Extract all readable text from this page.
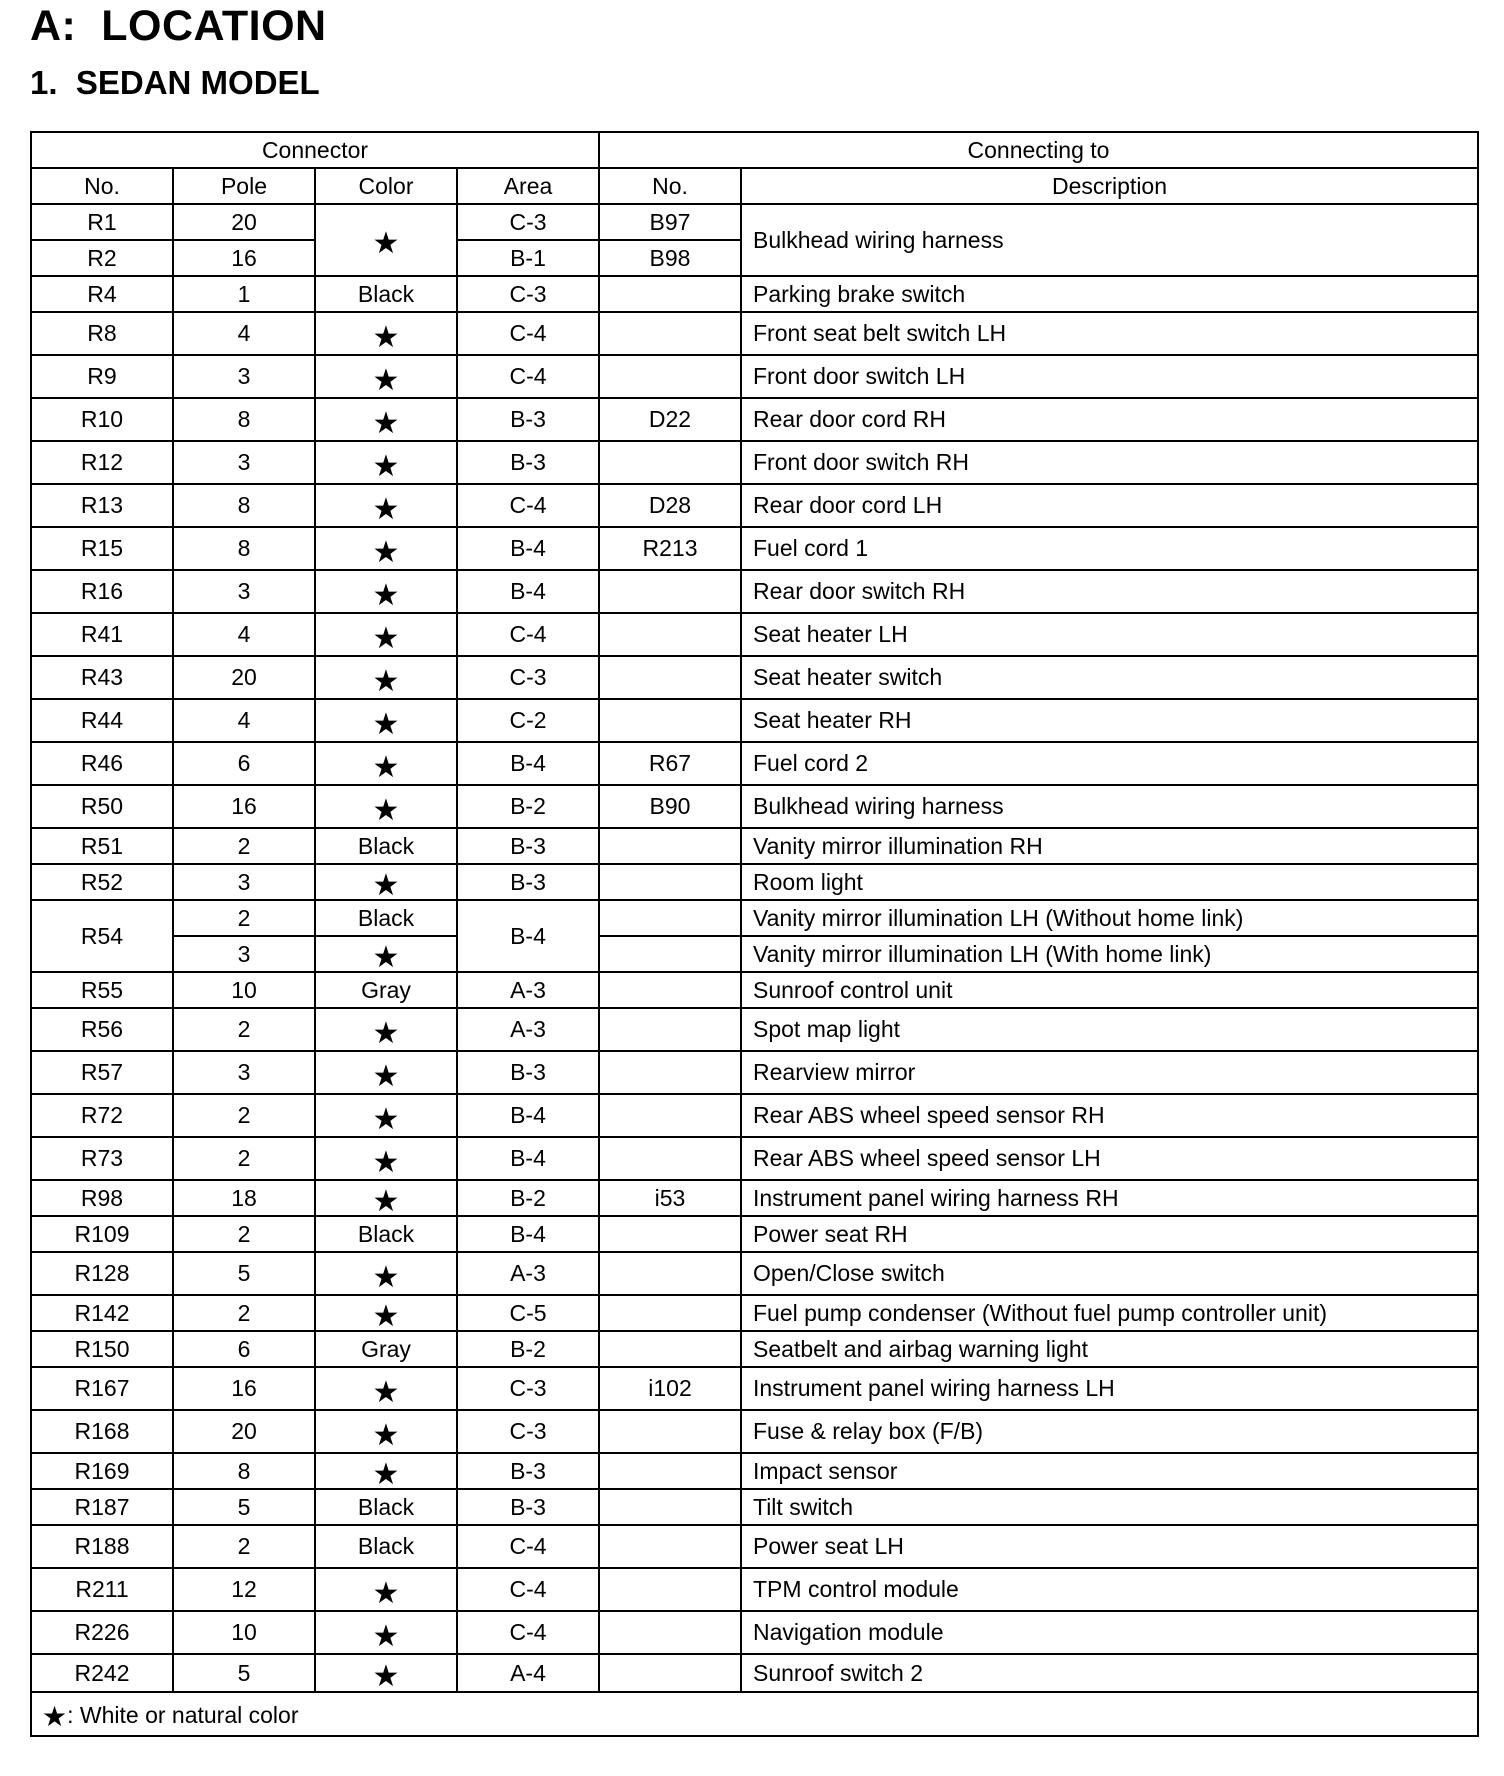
A:  LOCATION
1.  SEDAN MODEL
Connector				Connecting to	
No.	Pole	Color	Area	No.	Description
R1	20	★	C-3	B97	Bulkhead wiring harness
R2	16		B-1	B98	
R4	1	Black	C-3		Parking brake switch
R8	4	★	C-4		Front seat belt switch LH
R9	3	★	C-4		Front door switch LH
R10	8	★	B-3	D22	Rear door cord RH
R12	3	★	B-3		Front door switch RH
R13	8	★	C-4	D28	Rear door cord LH
R15	8	★	B-4	R213	Fuel cord 1
R16	3	★	B-4		Rear door switch RH
R41	4	★	C-4		Seat heater LH
R43	20	★	C-3		Seat heater switch
R44	4	★	C-2		Seat heater RH
R46	6	★	B-4	R67	Fuel cord 2
R50	16	★	B-2	B90	Bulkhead wiring harness
R51	2	Black	B-3		Vanity mirror illumination RH
R52	3	★	B-3		Room light
R54	2	Black	B-4		Vanity mirror illumination LH (Without home link)
	3	★			Vanity mirror illumination LH (With home link)
R55	10	Gray	A-3		Sunroof control unit
R56	2	★	A-3		Spot map light
R57	3	★	B-3		Rearview mirror
R72	2	★	B-4		Rear ABS wheel speed sensor RH
R73	2	★	B-4		Rear ABS wheel speed sensor LH
R98	18	★	B-2	i53	Instrument panel wiring harness RH
R109	2	Black	B-4		Power seat RH
R128	5	★	A-3		Open/Close switch
R142	2	★	C-5		Fuel pump condenser (Without fuel pump controller unit)
R150	6	Gray	B-2		Seatbelt and airbag warning light
R167	16	★	C-3	i102	Instrument panel wiring harness LH
R168	20	★	C-3		Fuse & relay box (F/B)
R169	8	★	B-3		Impact sensor
R187	5	Black	B-3		Tilt switch
R188	2	Black	C-4		Power seat LH
R211	12	★	C-4		TPM control module
R226	10	★	C-4		Navigation module
R242	5	★	A-4		Sunroof switch 2
★: White or natural color					
